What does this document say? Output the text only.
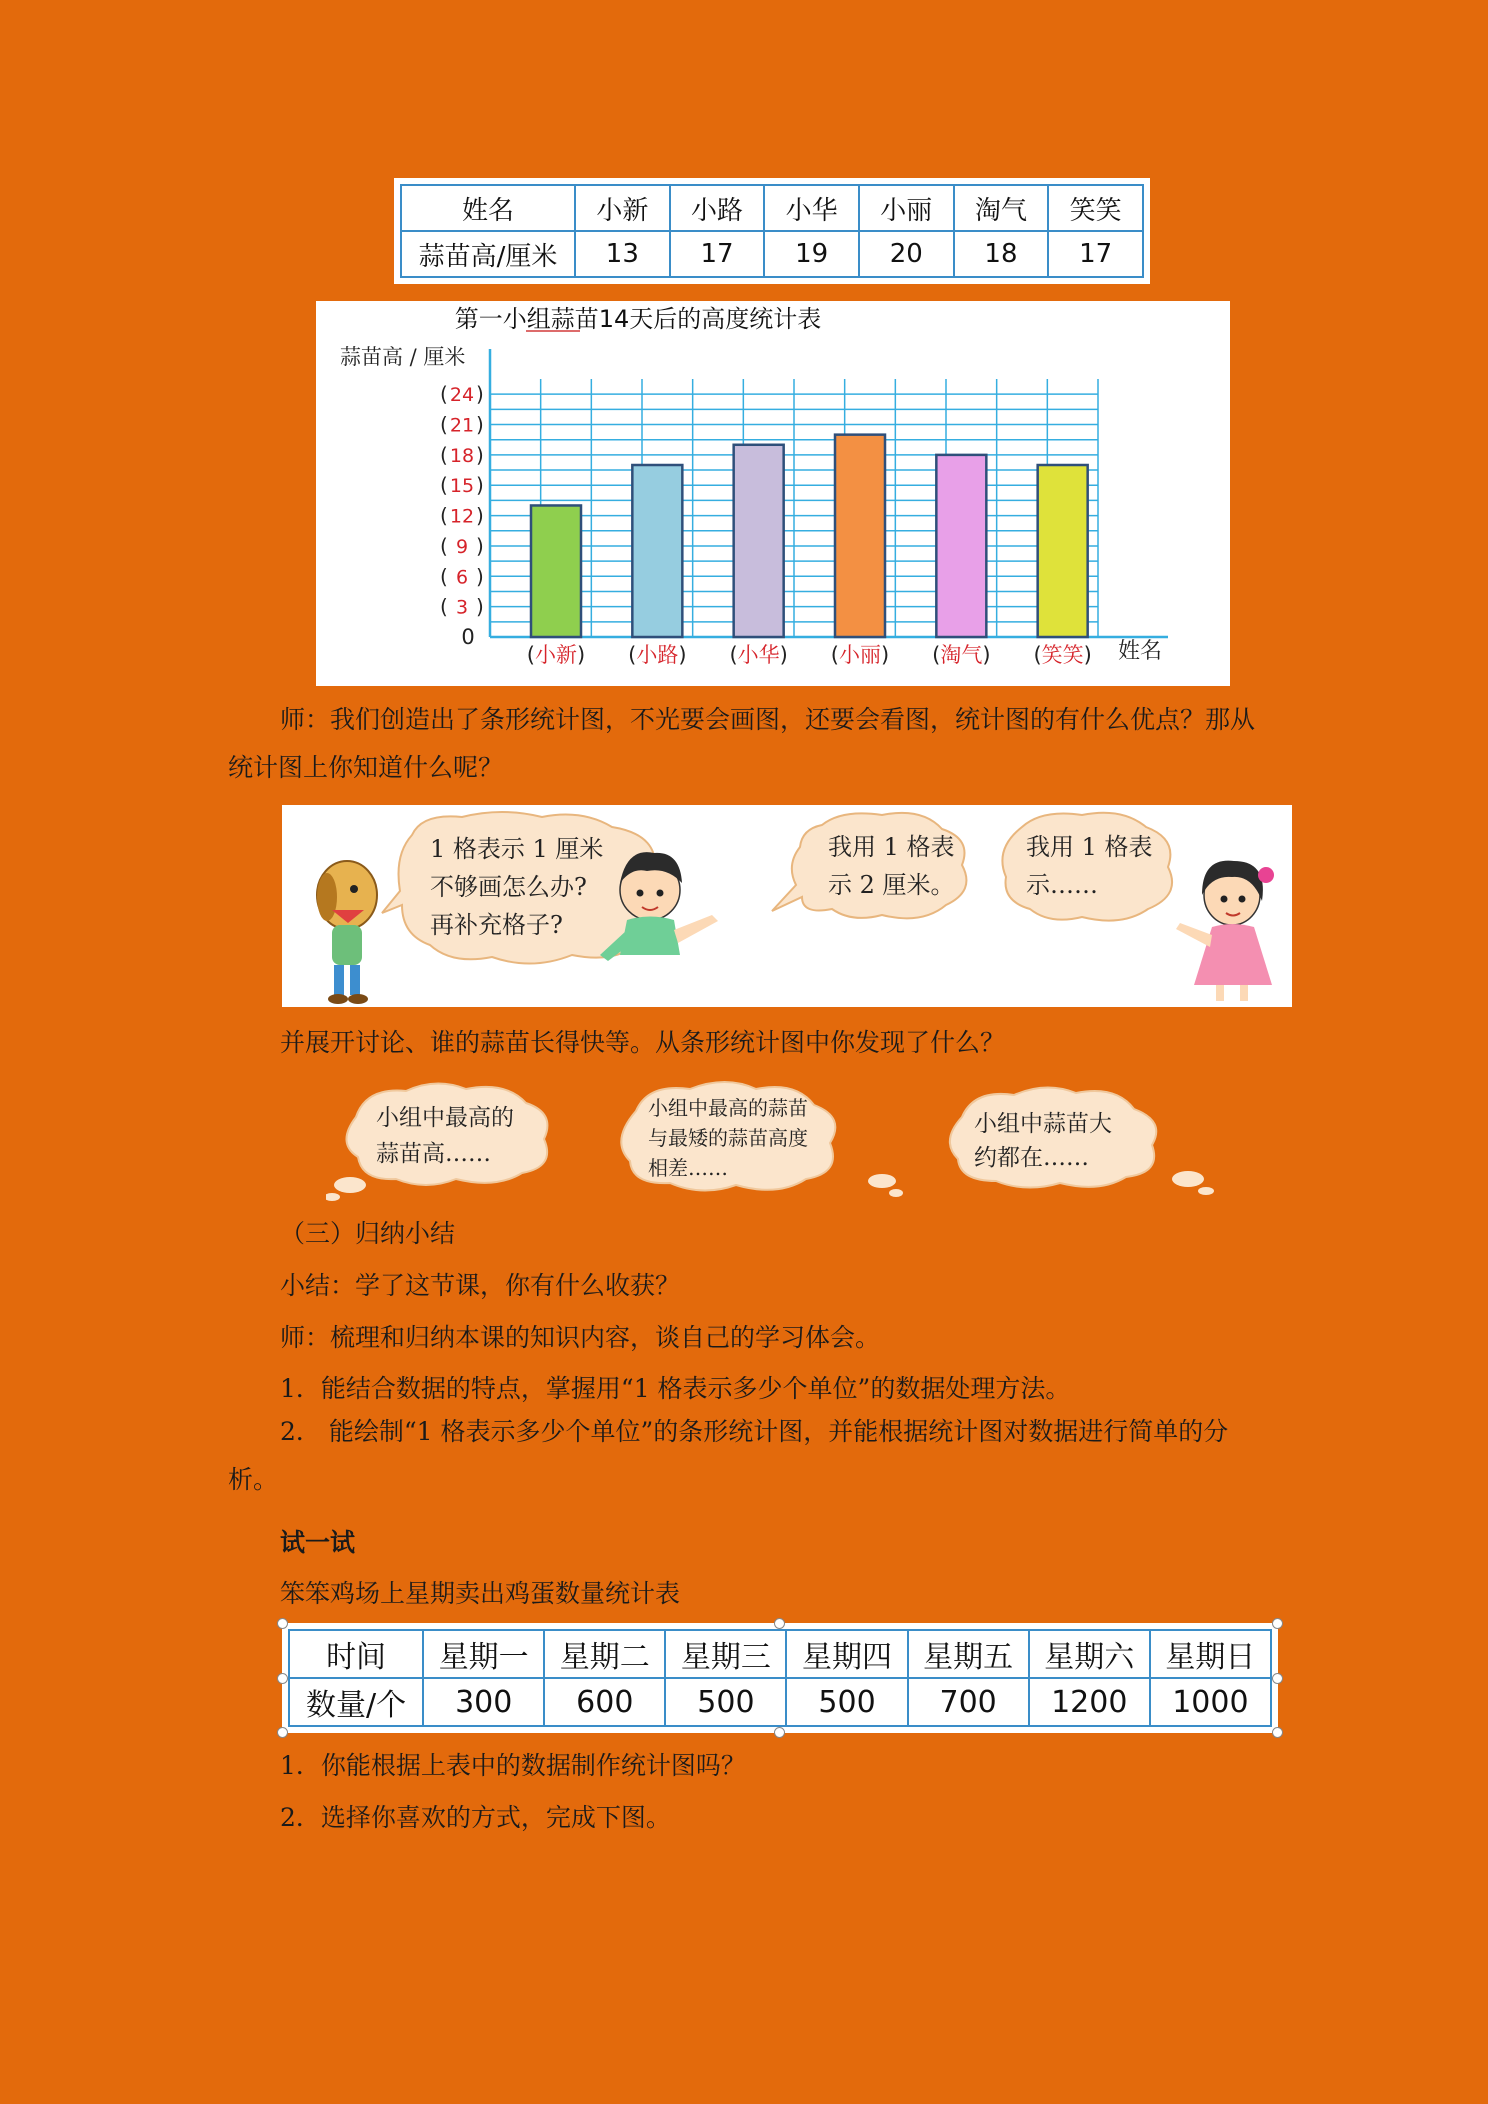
姓名	小新	小路	小华	小丽	淘气	笑笑
蒜苗高/厘米	13	17	19	20	18	17
第一小组蒜苗14天后的高度统计表
蒜苗高 / 厘米
( 3 )
( 6 )
( 9 )
( 12 )
( 15 )
( 18 )
( 21 )
( 24 )
0
(小新) (小路) (小华) (小丽) (淘气) (笑笑) 姓名

师：我们创造出了条形统计图，不光要会画图，还要会看图，统计图的有什么优点？那从统计图上你知道什么呢？

1 格表示 1 厘米
不够画怎么办?
再补充格子?
我用 1 格表
示 2 厘米。
我用 1 格表
示……

并展开讨论、谁的蒜苗长得快等。从条形统计图中你发现了什么？

小组中最高的
蒜苗高……
小组中最高的蒜苗
与最矮的蒜苗高度
相差……
小组中蒜苗大
约都在……

（三）归纳小结

小结：学了这节课，你有什么收获？

师：梳理和归纳本课的知识内容，谈自己的学习体会。

1．能结合数据的特点，掌握用“1 格表示多少个单位”的数据处理方法。

2． 能绘制“1 格表示多少个单位”的条形统计图，并能根据统计图对数据进行简单的分析。

试一试

笨笨鸡场上星期卖出鸡蛋数量统计表

时间	星期一	星期二	星期三	星期四	星期五	星期六	星期日
数量/个	300	600	500	500	700	1200	1000

1．你能根据上表中的数据制作统计图吗？

2．选择你喜欢的方式，完成下图。
